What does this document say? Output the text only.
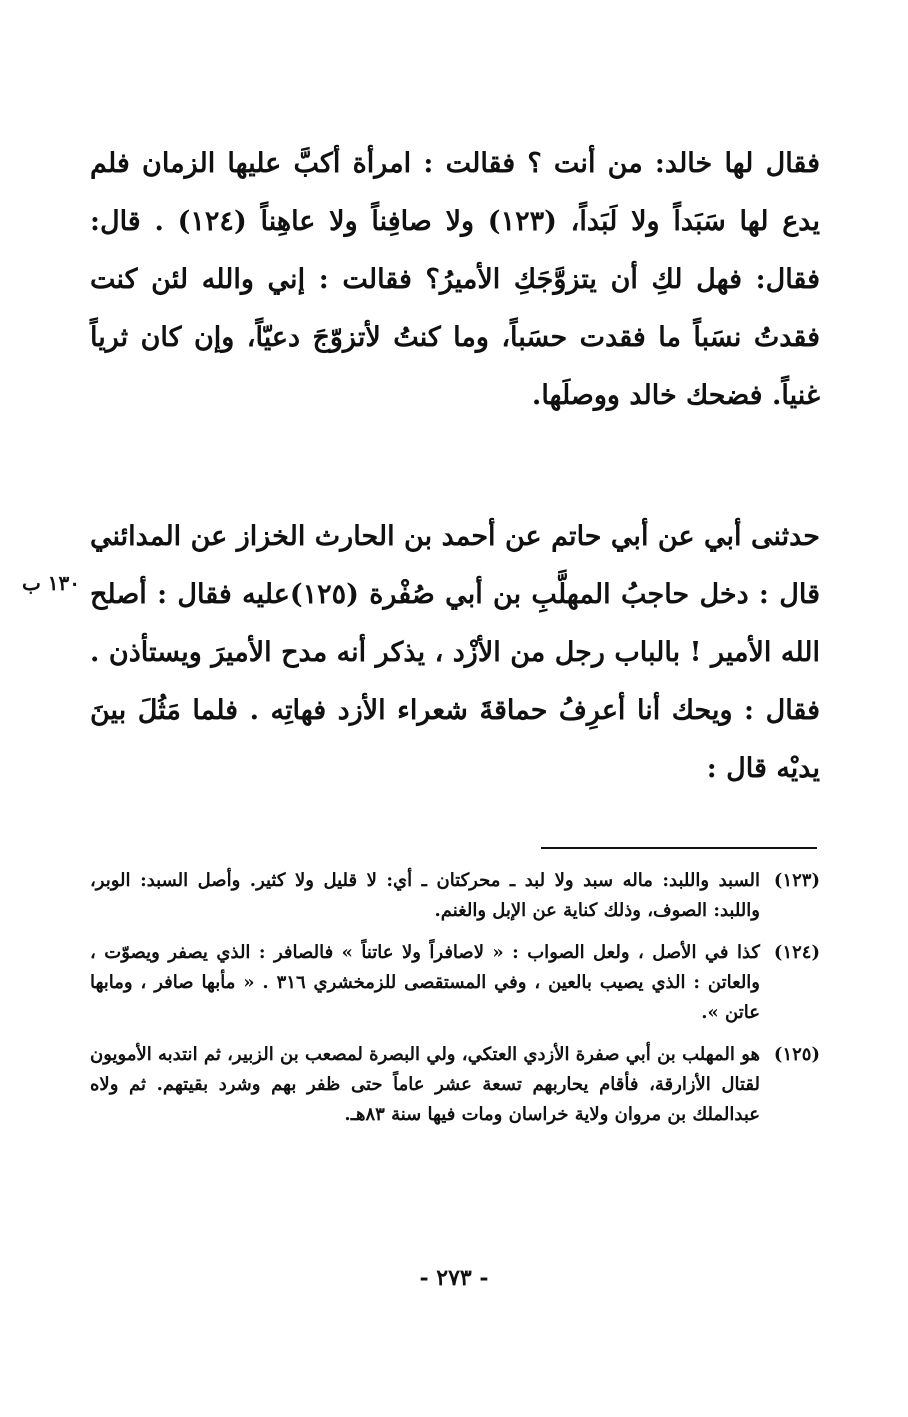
فقال لها خالد: من أنت ؟ فقالت : امرأة أكبَّ عليها الزمان فلم يدع لها سَبَداً ولا لَبَداً، (١٢٣) ولا صافِناً ولا عاهِناً (١٢٤) . قال: فقال: فهل لكِ أن يتزوَّجَكِ الأميرُ؟ فقالت : إني والله لئن كنت فقدتُ نسَباً ما فقدت حسَباً، وما كنتُ لأتزوّجَ دعيّاً، وإن كان ثرياً غنياً. فضحك خالد ووصلَها.

حدثنى أبي عن أبي حاتم عن أحمد بن الحارث الخزاز عن المدائني قال : دخل حاجبُ المهلَّبِ بن أبي صُفْرة (١٢٥)عليه فقال : أصلح الله الأمير ! بالباب رجل من الأزْد ، يذكر أنه مدح الأميرَ ويستأذن . فقال : ويحك أنا أعرِفُ حماقةَ شعراء الأزد فهاتِه . فلما مَثُلَ بينَ يديْه قال :

١٣٠ ب
(١٢٣)
السبد واللبد: ماله سبد ولا لبد ـ محركتان ـ أي: لا قليل ولا كثير. وأصل السبد: الوبر، واللبد: الصوف، وذلك كناية عن الإبل والغنم.
(١٢٤)
كذا في الأصل ، ولعل الصواب : « لاصافراً ولا عاتناً » فالصافر : الذي يصفر ويصوّت ، والعاتن : الذي يصيب بالعين ، وفي المستقصى للزمخشري ٣١٦ . « مأبها صافر ، ومابها عاتن ».
(١٢٥)
هو المهلب بن أبي صفرة الأزدي العتكي، ولي البصرة لمصعب بن الزبير، ثم انتدبه الأمويون لقتال الأزارقة، فأقام يحاربهم تسعة عشر عاماً حتى ظفر بهم وشرد بقيتهم. ثم ولاه عبدالملك بن مروان ولاية خراسان ومات فيها سنة ٨٣هـ.
- ٢٧٣ -
